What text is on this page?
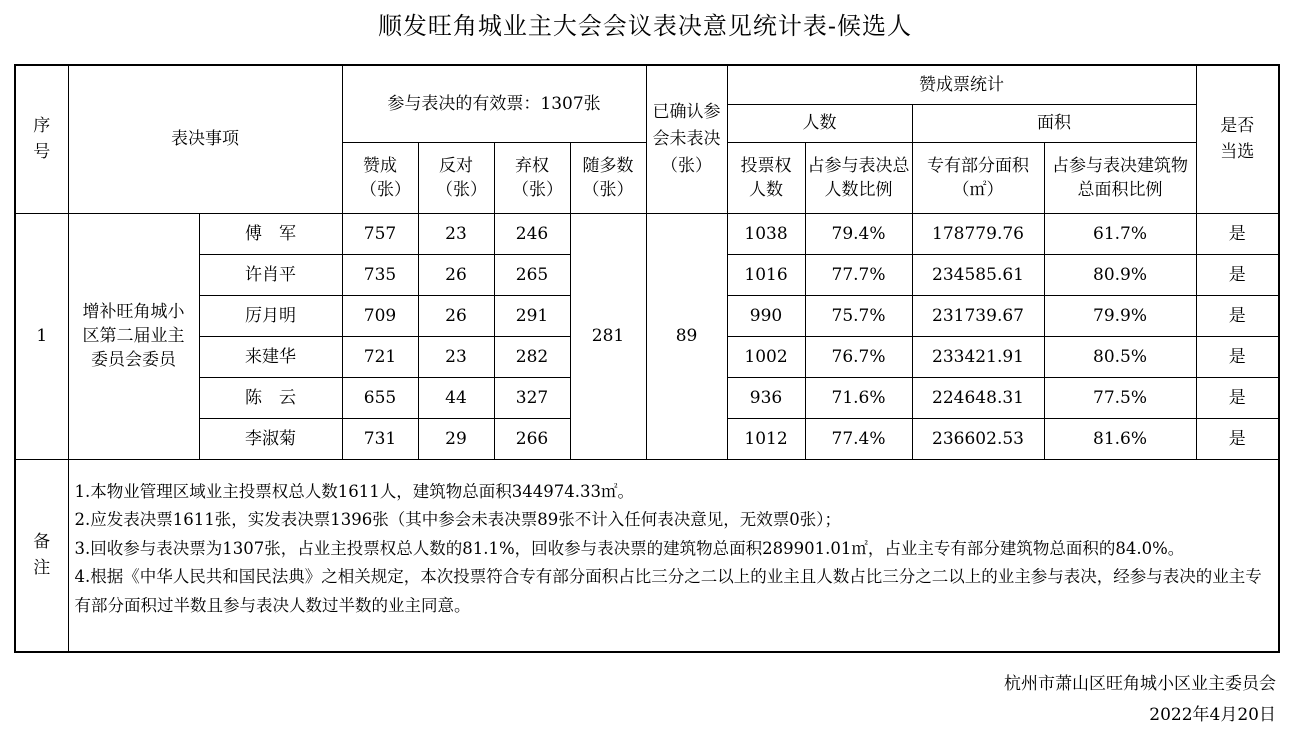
顺发旺角城业主大会会议表决意见统计表-候选人
序号	表决事项		参与表决的有效票：1307张				已确认参会未表决（张）	赞成票统计				是否当选

								人数		面积		

			赞成（张）	反对（张）	弃权（张）	随多数（张）		投票权人数	占参与表决总人数比例	专有部分面积（㎡）	占参与表决建筑物总面积比例	

1	增补旺角城小区第二届业主委员会委员	傅　军	757	23	246	281	89	1038	79.4%	178779.76	61.7%	是
		许肖平	735	26	265			1016	77.7%	234585.61	80.9%	是
		厉月明	709	26	291			990	75.7%	231739.67	79.9%	是
		来建华	721	23	282			1002	76.7%	233421.91	80.5%	是
		陈　云	655	44	327			936	71.6%	224648.31	77.5%	是
		李淑菊	731	29	266			1012	77.4%	236602.53	81.6%	是

备注	1.本物业管理区域业主投票权总人数1611人，建筑物总面积344974.33㎡。
2.应发表决票1611张，实发表决票1396张（其中参会未表决票89张不计入任何表决意见，无效票0张）；
3.回收参与表决票为1307张，占业主投票权总人数的81.1%，回收参与表决票的建筑物总面积289901.01㎡，占业主专有部分建筑物总面积的84.0%。
4.根据《中华人民共和国民法典》之相关规定，本次投票符合专有部分面积占比三分之二以上的业主且人数占比三分之二以上的业主参与表决，经参与表决的业主专有部分面积过半数且参与表决人数过半数的业主同意。											
杭州市萧山区旺角城小区业主委员会
2022年4月20日
